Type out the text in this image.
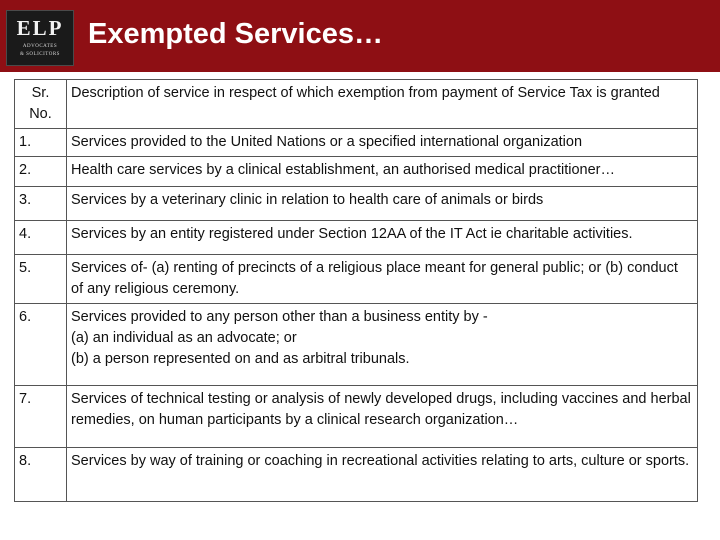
ELP
ADVOCATES
& SOLICITORS
Exempted Services…
Sr.
No.	Description of service in respect of which exemption from payment of Service Tax is granted
1.	Services provided to the United Nations or a specified international organization

2.	Health care services by a clinical establishment, an authorised medical practitioner…

3.	Services by a veterinary clinic in relation to health care of animals or birds

4.	Services by an entity registered under Section 12AA of the IT Act ie charitable activities.

5.	Services of- (a) renting of precincts of a religious place meant for general public; or (b) conduct of any religious ceremony.

6.	Services provided to any person other than a business entity by -
(a) an individual as an advocate; or
(b) a person represented on and as arbitral tribunals.

7.	Services of technical testing or analysis of newly developed drugs, including vaccines and herbal remedies, on human participants by a clinical research organization…

8.	Services by way of training or coaching in recreational activities relating to arts, culture or sports.
